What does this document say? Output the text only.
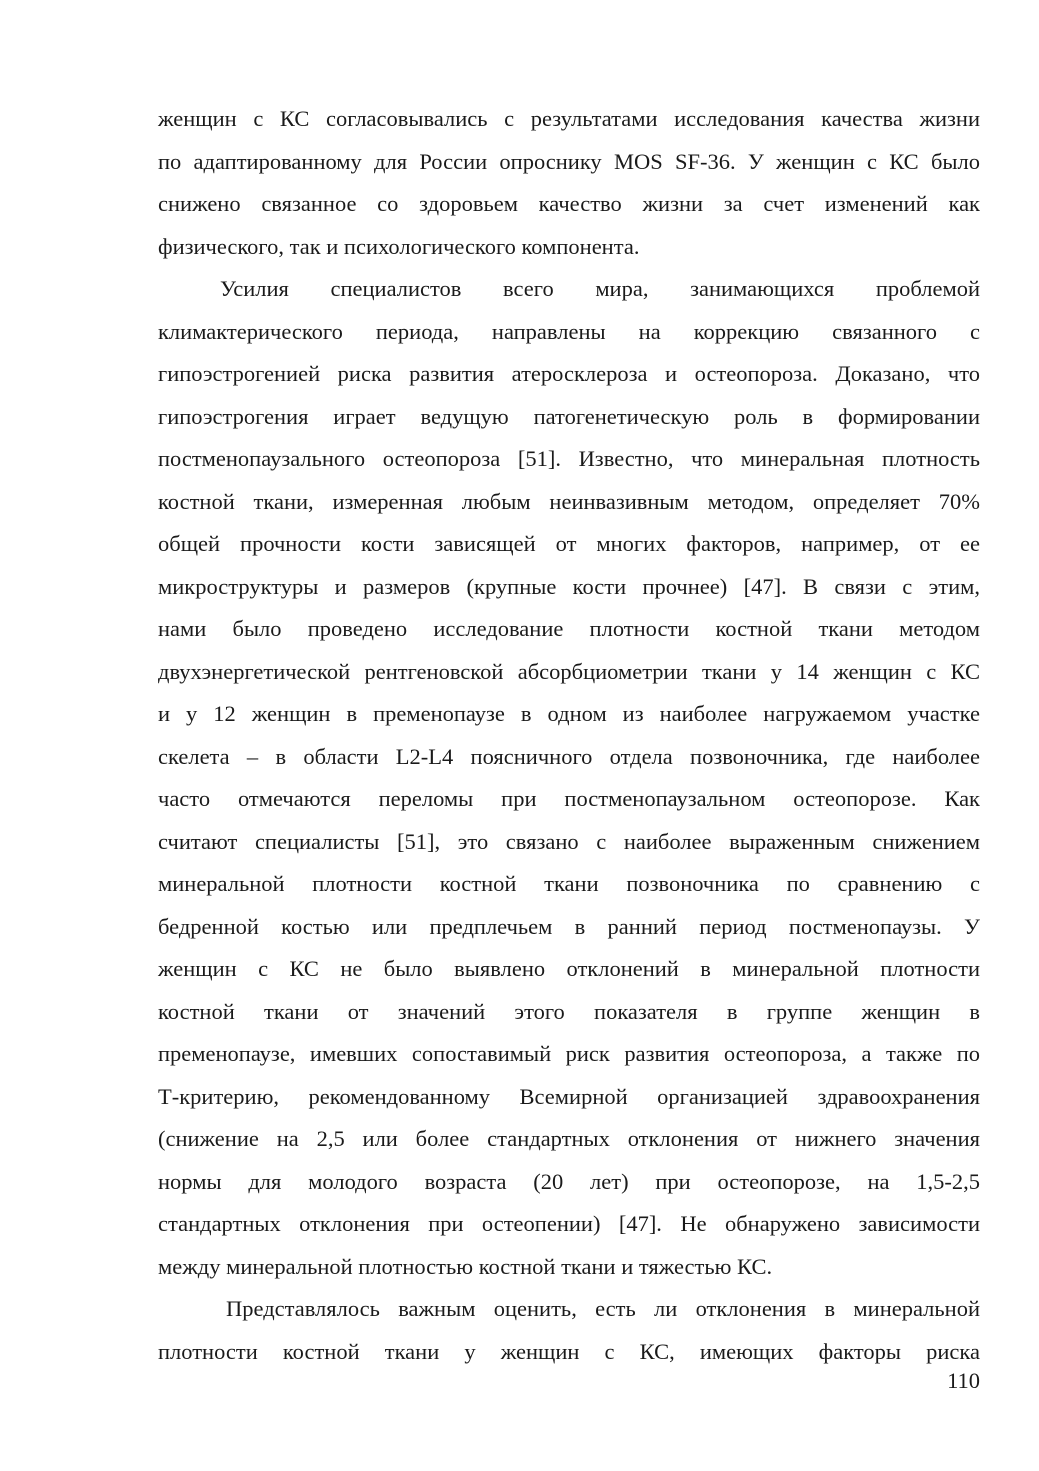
женщин с КС согласовывались с результатами исследования качества жизни
по адаптированному для России опроснику MOS SF-36. У женщин с КС было
снижено связанное со здоровьем качество жизни за счет изменений как
физического, так и психологического компонента.
Усилия специалистов всего мира, занимающихся проблемой
климактерического периода, направлены на коррекцию связанного с
гипоэстрогенией риска развития атеросклероза и остеопороза. Доказано, что
гипоэстрогения играет ведущую патогенетическую роль в формировании
постменопаузального остеопороза [51]. Известно, что минеральная плотность
костной ткани, измеренная любым неинвазивным методом, определяет 70%
общей прочности кости зависящей от многих факторов, например, от ее
микроструктуры и размеров (крупные кости прочнее) [47]. В связи с этим,
нами было проведено исследование плотности костной ткани методом
двухэнергетической рентгеновской абсорбциометрии ткани у 14 женщин с КС
и у 12 женщин в пременопаузе в одном из наиболее нагружаемом участке
скелета – в области L2-L4 поясничного отдела позвоночника, где наиболее
часто отмечаются переломы при постменопаузальном остеопорозе. Как
считают специалисты [51], это связано с наиболее выраженным снижением
минеральной плотности костной ткани позвоночника по сравнению с
бедренной костью или предплечьем в ранний период постменопаузы. У
женщин с КС не было выявлено отклонений в минеральной плотности
костной ткани от значений этого показателя в группе женщин в
пременопаузе, имевших сопоставимый риск развития остеопороза, а также по
Т-критерию, рекомендованному Всемирной организацией здравоохранения
(снижение на 2,5 или более стандартных отклонения от нижнего значения
нормы для молодого возраста (20 лет) при остеопорозе, на 1,5-2,5
стандартных отклонения при остеопении) [47]. Не обнаружено зависимости
между минеральной плотностью костной ткани и тяжестью КС.
Представлялось важным оценить, есть ли отклонения в минеральной
плотности костной ткани у женщин с КС, имеющих факторы риска
110
